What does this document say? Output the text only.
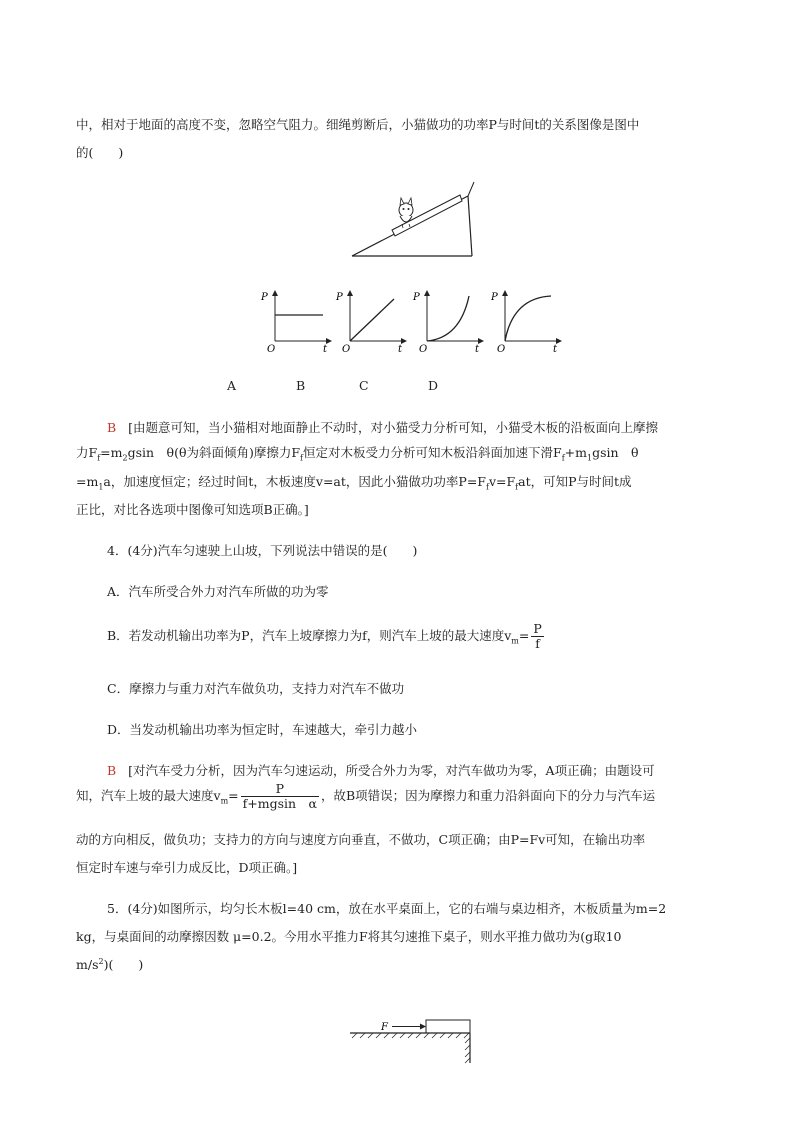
中，相对于地面的高度不变，忽略空气阻力。细绳剪断后，小猫做功的功率P与时间t的关系图像是图中
的(　　)
P
O	t
P
O	t
P
O	t
P
O	t
A	B	C	D
B [由题意可知，当小猫相对地面静止不动时，对小猫受力分析可知，小猫受木板的沿板面向上摩擦
力$F_f=m_2gsin$　θ(θ为斜面倾角)摩擦力$F_f$恒定对木板受力分析可知木板沿斜面加速下滑$F_f+m_1gsin$　θ
$=m_1a$，加速度恒定；经过时间t，木板速度v=at，因此小猫做功功率$P=F_fv=F_fat$，可知P与时间t成
正比，对比各选项中图像可知选项B正确。]
4．(4分)汽车匀速驶上山坡，下列说法中错误的是(　　)
A．汽车所受合外力对汽车所做的功为零
B．若发动机输出功率为P，汽车上坡摩擦力为f，则汽车上坡的最大速度$v_m= \frac{P}{f}$
C．摩擦力与重力对汽车做负功，支持力对汽车不做功
D．当发动机输出功率为恒定时，车速越大，牵引力越小
B [对汽车受力分析，因为汽车匀速运动，所受合外力为零，对汽车做功为零，A项正确；由题设可
知，汽车上坡的最大速度$v_m= \frac{P}{\text{f+mgsin　α}}$ ，故B项错误；因为摩擦力和重力沿斜面向下的分力与汽车运
动的方向相反，做负功；支持力的方向与速度方向垂直，不做功，C项正确；由P=Fv可知，在输出功率
恒定时车速与牵引力成反比，D项正确。]
5．(4分)如图所示，均匀长木板l=40 cm，放在水平桌面上，它的右端与桌边相齐，木板质量为m=2
kg，与桌面间的动摩擦因数 μ=0.2。今用水平推力F将其匀速推下桌子，则水平推力做功为(g取10
$m/s^2$)(　　)
F
